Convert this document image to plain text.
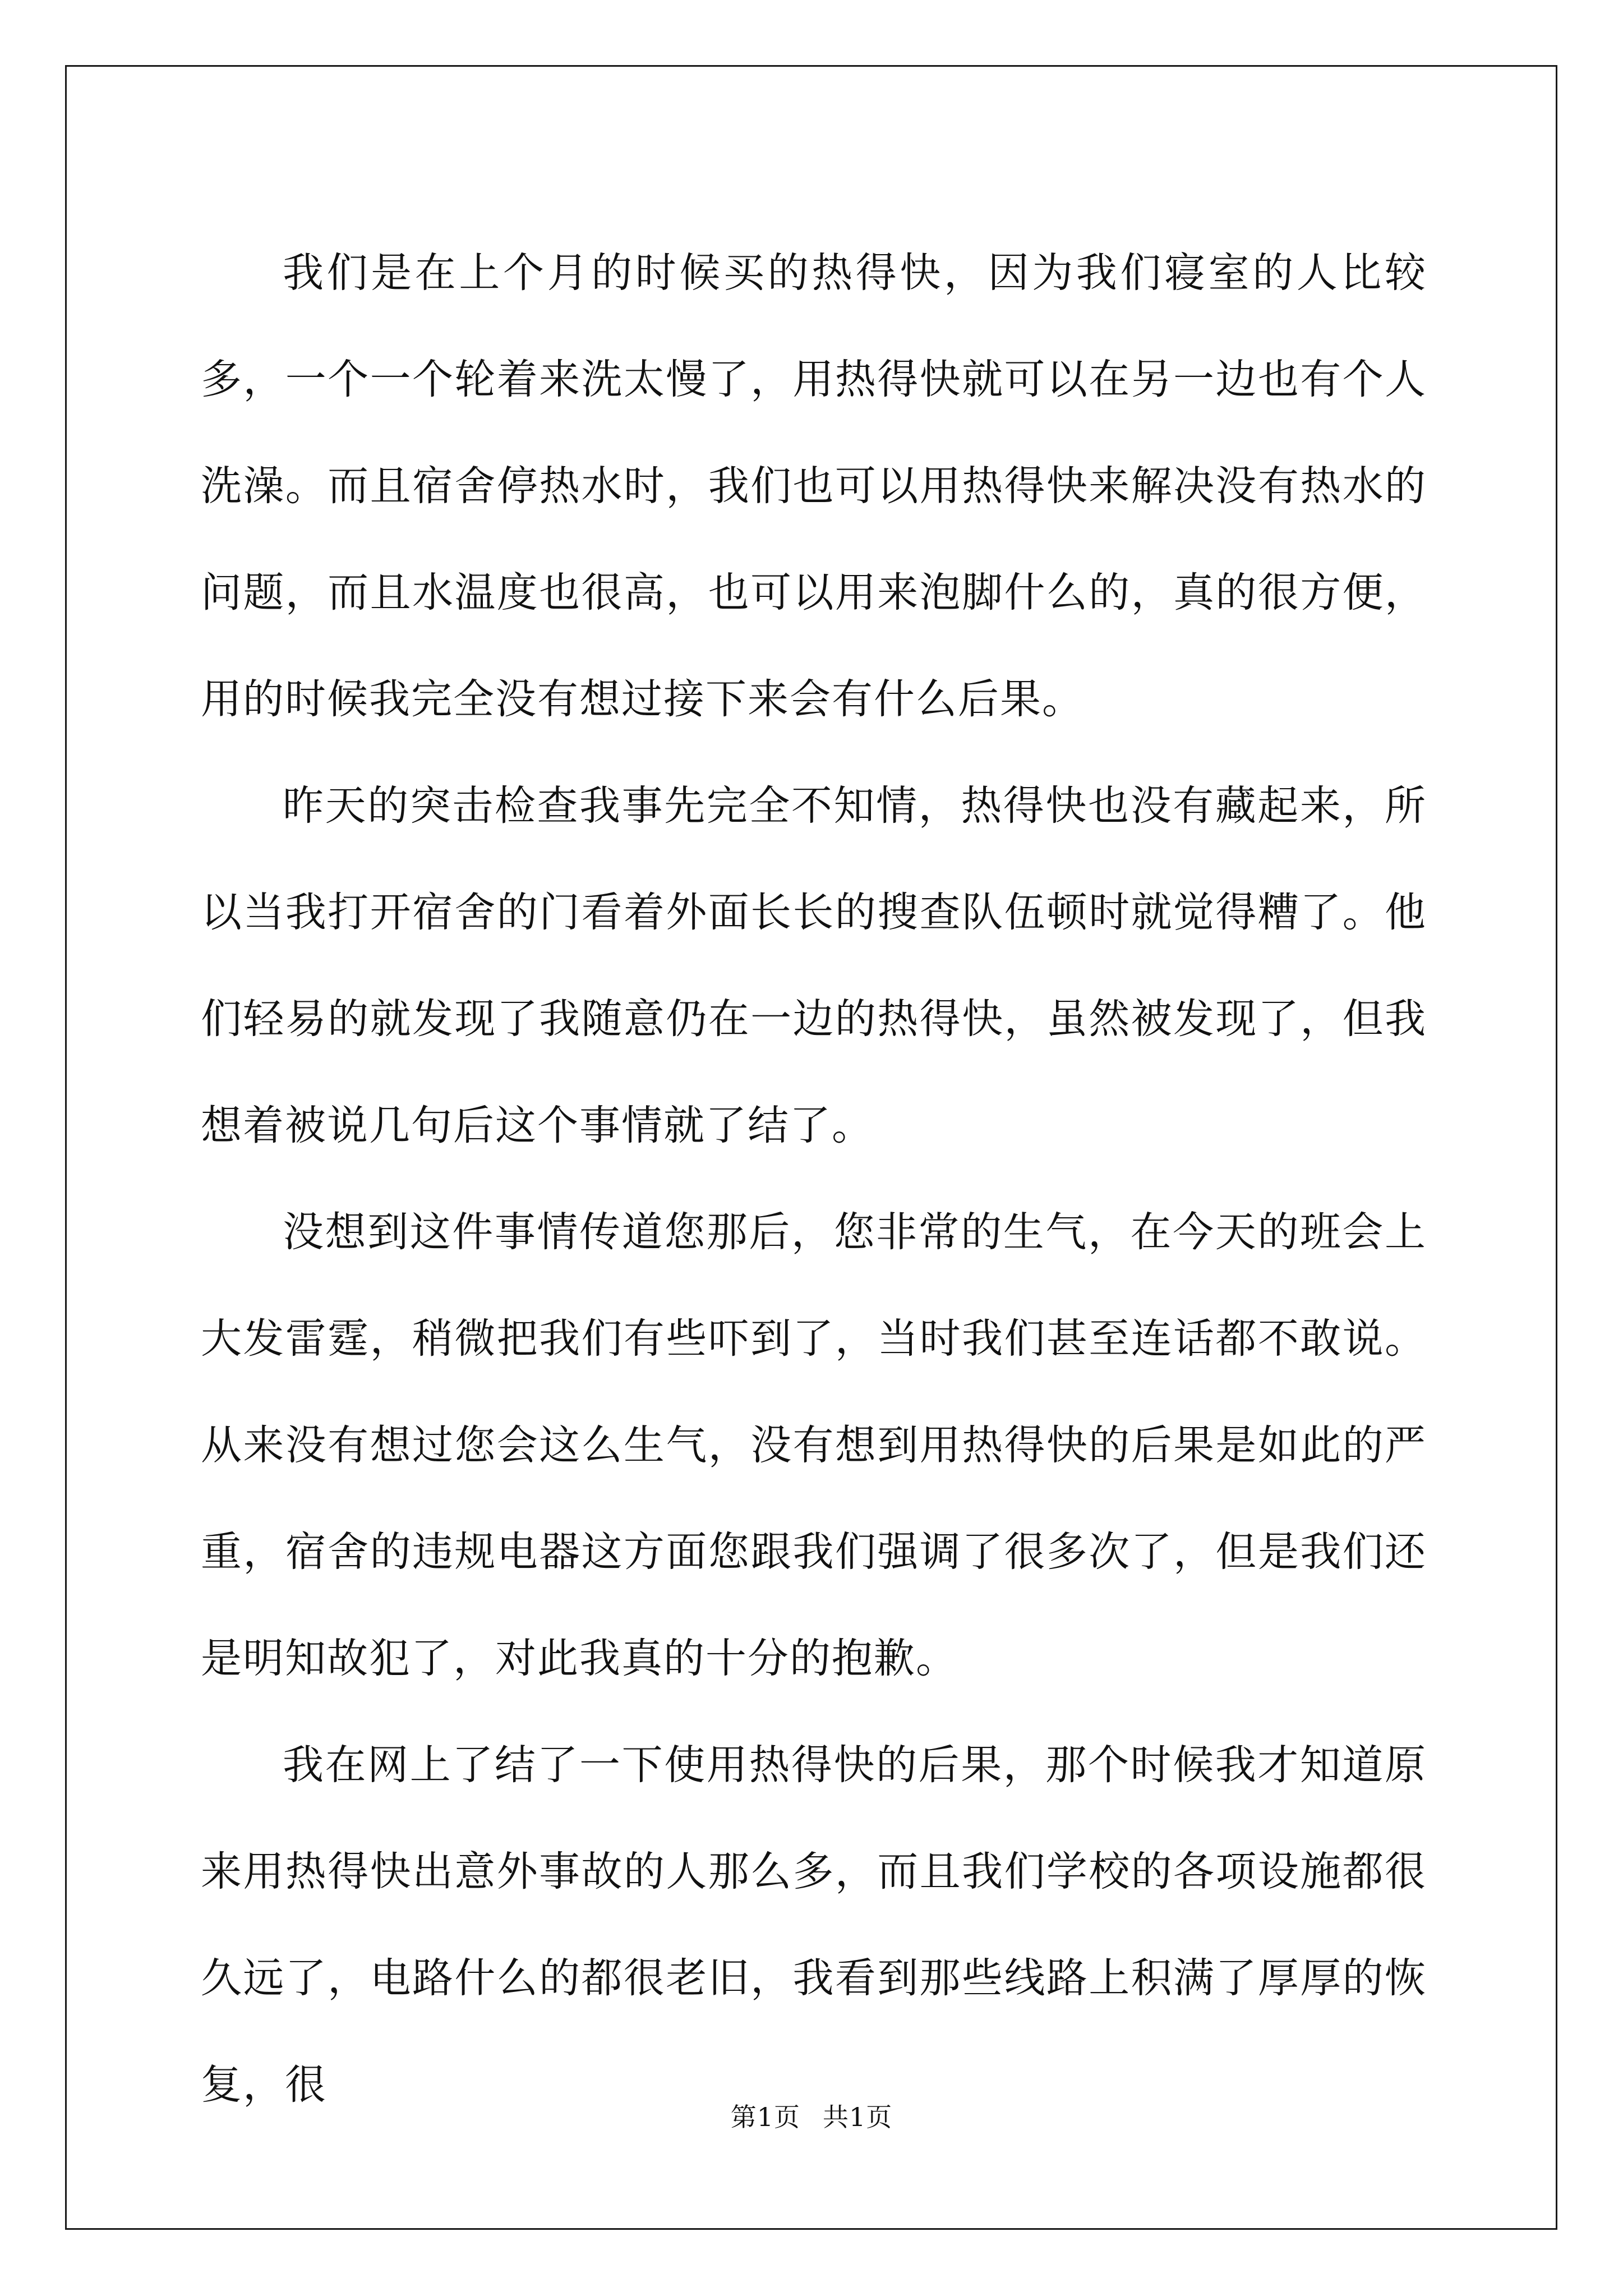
我们是在上个月的时候买的热得快，因为我们寝室的人比较多，一个一个轮着来洗太慢了，用热得快就可以在另一边也有个人洗澡。而且宿舍停热水时，我们也可以用热得快来解决没有热水的问题，而且水温度也很高，也可以用来泡脚什么的，真的很方便，用的时候我完全没有想过接下来会有什么后果。

昨天的突击检查我事先完全不知情，热得快也没有藏起来，所以当我打开宿舍的门看着外面长长的搜查队伍顿时就觉得糟了。他们轻易的就发现了我随意仍在一边的热得快，虽然被发现了，但我想着被说几句后这个事情就了结了。

没想到这件事情传道您那后，您非常的生气，在今天的班会上大发雷霆，稍微把我们有些吓到了，当时我们甚至连话都不敢说。从来没有想过您会这么生气，没有想到用热得快的后果是如此的严重，宿舍的违规电器这方面您跟我们强调了很多次了，但是我们还是明知故犯了，对此我真的十分的抱歉。

我在网上了结了一下使用热得快的后果，那个时候我才知道原来用热得快出意外事故的人那么多，而且我们学校的各项设施都很久远了，电路什么的都很老旧，我看到那些线路上积满了厚厚的恢复，很

第1页 共1页
